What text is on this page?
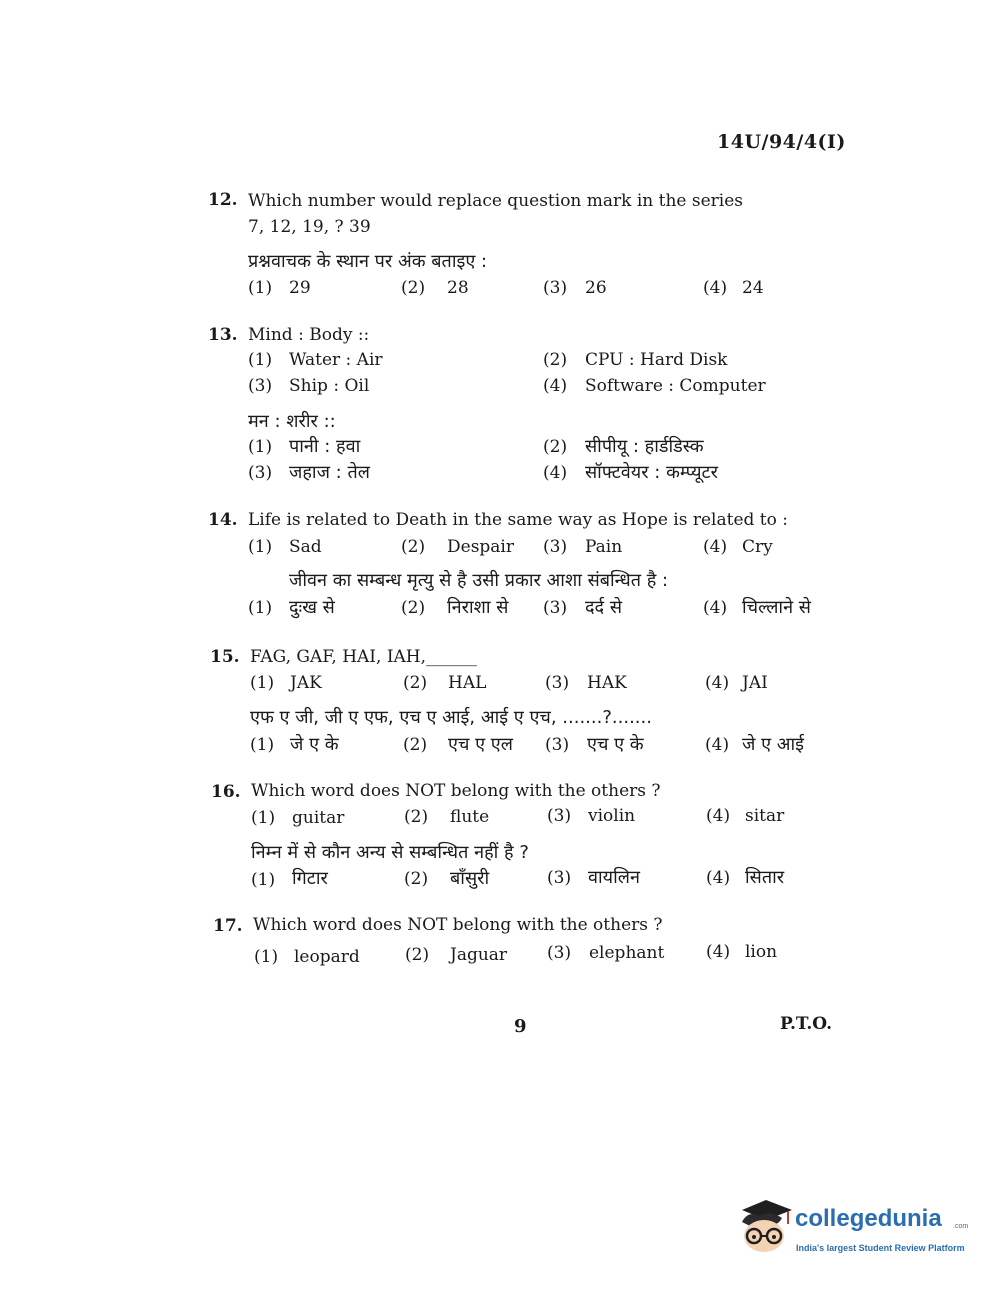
14U/94/4(I)
12. Which number would replace question mark in the series
7, 12, 19, ? 39
प्रश्नवाचक के स्थान पर अंक बताइए :
(1) 29	(2) 28	(3) 26	(4) 24
13. Mind : Body ::
(1) Water : Air	(2) CPU : Hard Disk
(3) Ship : Oil	(4) Software : Computer
मन : शरीर ::
(1) पानी : हवा	(2) सीपीयू : हार्डडिस्क
(3) जहाज : तेल	(4) सॉफ्टवेयर : कम्प्यूटर
14. Life is related to Death in the same way as Hope is related to :
(1) Sad	(2) Despair (3) Pain	(4) Cry
जीवन का सम्बन्ध मृत्यु से है उसी प्रकार आशा संबन्धित है :
(1) दुःख से	(2) निराशा से (3) दर्द से	(4) चिल्लाने से
15. FAG, GAF, HAI, IAH,______
(1) JAK	(2) HAL	(3) HAK	(4) JAI
एफ ए जी, जी ए एफ, एच ए आई, आई ए एच, .......?.......
(1) जे ए के	(2) एच ए एल (3) एच ए के	(4) जे ए आई
16. Which word does NOT belong with the others ?
(1) guitar	(2) flute	(3) violin	(4) sitar
निम्न में से कौन अन्य से सम्बन्धित नहीं है ?
(1) गिटार	(2) बाँसुरी	(3) वायलिन	(4) सितार
17. Which word does NOT belong with the others ?
(1) leopard	(2) Jaguar (3) elephant (4) lion
9	P.T.O.
collegedunia .com
India's largest Student Review Platform
